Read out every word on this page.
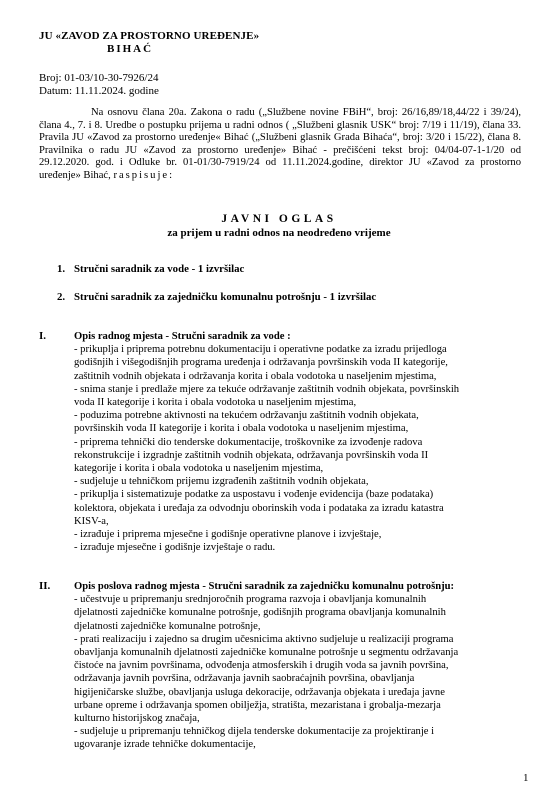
JU «ZAVOD ZA PROSTORNO UREĐENJE»
BIHAĆ
Broj: 01-03/10-30-7926/24
Datum: 11.11.2024. godine
Na osnovu člana 20a. Zakona o radu („Službene novine FBiH“, broj: 26/16,89/18,44/22 i 39/24), člana 4., 7. i 8. Uredbe o postupku prijema u radni odnos ( „Službeni glasnik USK“ broj: 7/19 i 11/19), člana 33. Pravila JU «Zavod za prostorno uređenje« Bihać („Službeni glasnik Grada Bihaća“, broj: 3/20 i 15/22), člana 8. Pravilnika o radu JU «Zavod za prostorno uređenje» Bihać - prečišćeni tekst broj: 04/04-07-1-1/20 od 29.12.2020. god. i Odluke br. 01-01/30-7919/24 od 11.11.2024.godine, direktor JU «Zavod za prostorno uređenje» Bihać, raspisuje:
JAVNI OGLAS
za prijem u radni odnos na neodređeno vrijeme
1. Stručni saradnik za vode - 1 izvršilac
2. Stručni saradnik za zajedničku komunalnu potrošnju - 1 izvršilac
I.	Opis radnog mjesta - Stručni saradnik za vode :
- prikuplja i priprema potrebnu dokumentaciju i operativne podatke za izradu prijedloga
godišnjih i višegodišnjih programa uređenja i održavanja površinskih voda II kategorije,
zaštitnih vodnih objekata i održavanja korita i obala vodotoka u naseljenim mjestima,
- snima stanje i predlaže mjere za tekuće održavanje zaštitnih vodnih objekata, površinskih
voda II kategorije i korita i obala vodotoka u naseljenim mjestima,
- poduzima potrebne aktivnosti na tekućem održavanju zaštitnih vodnih objekata,
površinskih voda II kategorije i korita i obala vodotoka u naseljenim mjestima,
- priprema tehnički dio tenderske dokumentacije, troškovnike za izvođenje radova
rekonstrukcije i izgradnje zaštitnih vodnih objekata, održavanja površinskih voda II
kategorije i korita i obala vodotoka u naseljenim mjestima,
- sudjeluje u tehničkom prijemu izgrađenih zaštitnih vodnih objekata,
- prikuplja i sistematizuje podatke za uspostavu i vođenje evidencija (baze podataka)
kolektora, objekata i uređaja za odvodnju oborinskih voda i podataka za izradu katastra
KISV-a,
- izrađuje i priprema mjesečne i godišnje operativne planove i izvještaje,
- izrađuje mjesečne i godišnje izvještaje o radu.
II. Opis poslova radnog mjesta - Stručni saradnik za zajedničku komunalnu potrošnju:
- učestvuje u pripremanju srednjoročnih programa razvoja i obavljanja komunalnih
djelatnosti zajedničke komunalne potrošnje, godišnjih programa obavljanja komunalnih
djelatnosti zajedničke komunalne potrošnje,
- prati realizaciju i zajedno sa drugim učesnicima aktivno sudjeluje u realizaciji programa
obavljanja komunalnih djelatnosti zajedničke komunalne potrošnje u segmentu održavanja
čistoće na javnim površinama, odvođenja atmosferskih i drugih voda sa javnih površina,
održavanja javnih površina, održavanja javnih saobraćajnih površina, obavljanja
higijeničarske službe, obavljanja usluga dekoracije, održavanja objekata i uređaja javne
urbane opreme i održavanja spomen obilježja, stratišta, mezaristana i grobalja-mezarja
kulturno historijskog značaja,
- sudjeluje u pripremanju tehničkog dijela tenderske dokumentacije za projektiranje i
ugovaranje izrade tehničke dokumentacije,
1
